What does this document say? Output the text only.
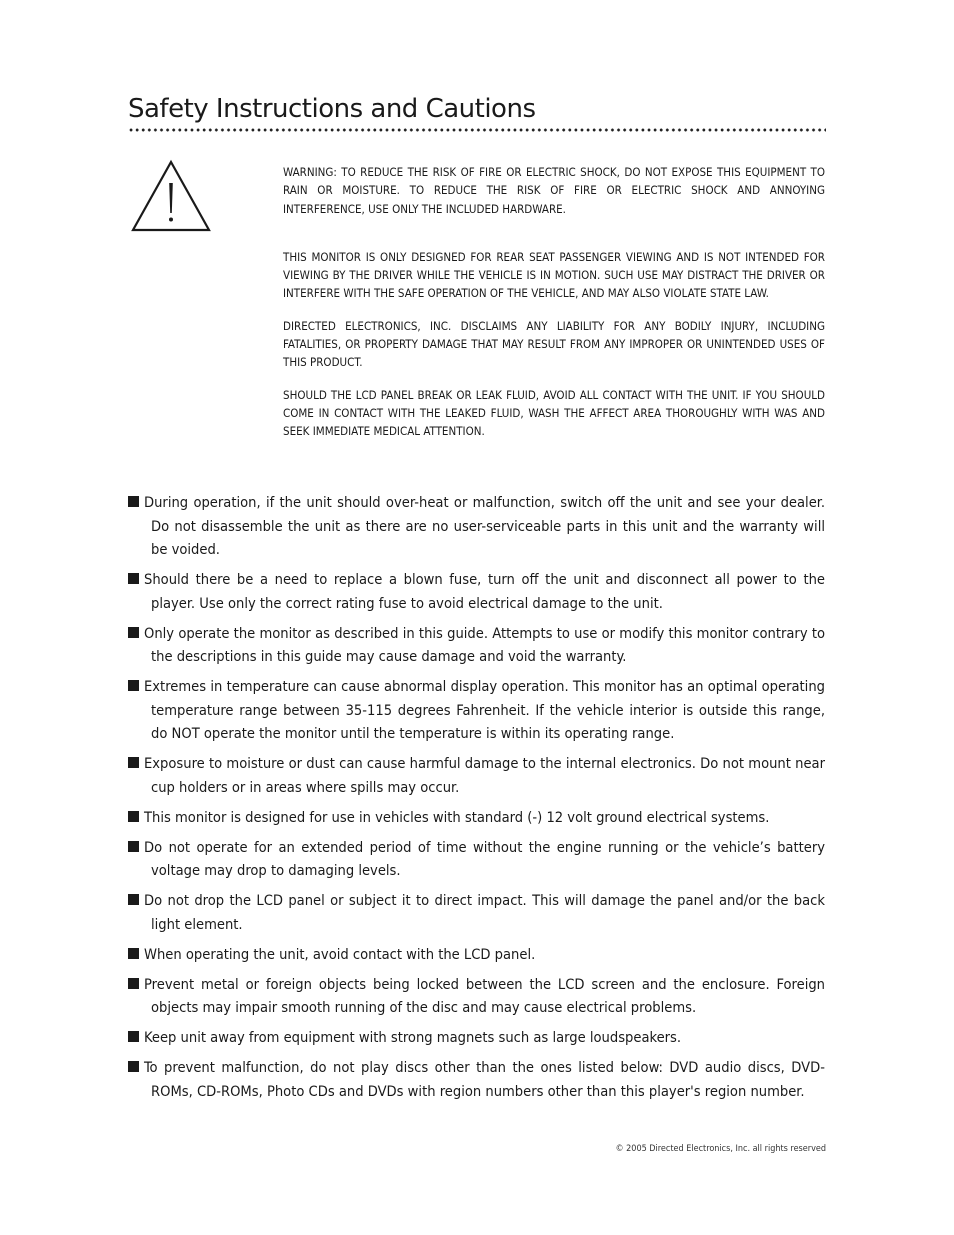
Safety Instructions and Cautions

WARNING: TO REDUCE THE RISK OF FIRE OR ELECTRIC SHOCK, DO NOT EXPOSE THIS EQUIPMENT TO RAIN OR MOISTURE. TO REDUCE THE RISK OF FIRE OR ELECTRIC SHOCK AND ANNOYING INTERFERENCE, USE ONLY THE INCLUDED HARDWARE.

THIS MONITOR IS ONLY DESIGNED FOR REAR SEAT PASSENGER VIEWING AND IS NOT INTENDED FOR VIEWING BY THE DRIVER WHILE THE VEHICLE IS IN MOTION. SUCH USE MAY DISTRACT THE DRIVER OR INTERFERE WITH THE SAFE OPERATION OF THE VEHICLE, AND MAY ALSO VIOLATE STATE LAW.

DIRECTED ELECTRONICS, INC. DISCLAIMS ANY LIABILITY FOR ANY BODILY INJURY, INCLUDING FATALITIES, OR PROPERTY DAMAGE THAT MAY RESULT FROM ANY IMPROPER OR UNINTENDED USES OF THIS PRODUCT.

SHOULD THE LCD PANEL BREAK OR LEAK FLUID, AVOID ALL CONTACT WITH THE UNIT. IF YOU SHOULD COME IN CONTACT WITH THE LEAKED FLUID, WASH THE AFFECT AREA THOROUGHLY WITH WAS AND SEEK IMMEDIATE MEDICAL ATTENTION.

During operation, if the unit should over-heat or malfunction, switch off the unit and see your dealer. Do not disassemble the unit as there are no user-serviceable parts in this unit and the warranty will be voided.
Should there be a need to replace a blown fuse, turn off the unit and disconnect all power to the player. Use only the correct rating fuse to avoid electrical damage to the unit.
Only operate the monitor as described in this guide. Attempts to use or modify this monitor contrary to the descriptions in this guide may cause damage and void the warranty.
Extremes in temperature can cause abnormal display operation. This monitor has an optimal operating temperature range between 35-115 degrees Fahrenheit. If the vehicle interior is outside this range, do NOT operate the monitor until the temperature is within its operating range.
Exposure to moisture or dust can cause harmful damage to the internal electronics. Do not mount near cup holders or in areas where spills may occur.
This monitor is designed for use in vehicles with standard (-) 12 volt ground electrical systems.
Do not operate for an extended period of time without the engine running or the vehicle’s battery voltage may drop to damaging levels.
Do not drop the LCD panel or subject it to direct impact. This will damage the panel and/or the back light element.
When operating the unit, avoid contact with the LCD panel.
Prevent metal or foreign objects being locked between the LCD screen and the enclosure. Foreign objects may impair smooth running of the disc and may cause electrical problems.
Keep unit away from equipment with strong magnets such as large loudspeakers.
To prevent malfunction, do not play discs other than the ones listed below: DVD audio discs, DVD-ROMs, CD-ROMs, Photo CDs and DVDs with region numbers other than this player's region number.
© 2005 Directed Electronics, Inc. all rights reserved
